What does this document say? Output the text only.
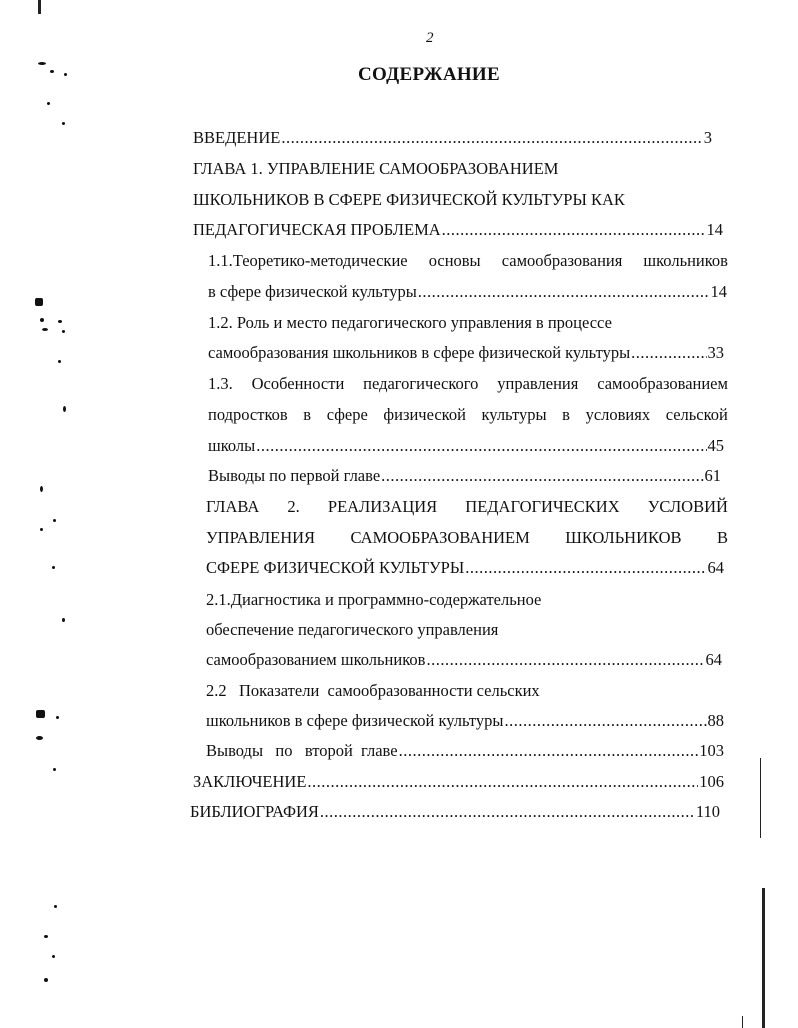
2
СОДЕРЖАНИЕ
ВВЕДЕНИЕ .....	3
ГЛАВА 1. УПРАВЛЕНИЕ САМООБРАЗОВАНИЕМ
ШКОЛЬНИКОВ В СФЕРЕ ФИЗИЧЕСКОЙ КУЛЬТУРЫ КАК
ПЕДАГОГИЧЕСКАЯ ПРОБЛЕМА .....	14
1.1.Теоретико-методические основы самообразования школьников
в сфере физической культуры .....	14
1.2. Роль и место педагогического управления в процессе
самообразования школьников в сфере физической культуры .....	33
1.3. Особенности педагогического управления самообразованием
подростков в сфере физической культуры в условиях сельской
школы .....	45
Выводы по первой главе .....	61
ГЛАВА 2. РЕАЛИЗАЦИЯ ПЕДАГОГИЧЕСКИХ УСЛОВИЙ
УПРАВЛЕНИЯ САМООБРАЗОВАНИЕМ ШКОЛЬНИКОВ В
СФЕРЕ ФИЗИЧЕСКОЙ КУЛЬТУРЫ .....	64
2.1.Диагностика и программно-содержательное
обеспечение педагогического управления
самообразованием школьников .....	64
2.2   Показатели  самообразованности сельских
школьников в сфере физической культуры .....	88
Выводы   по   второй  главе .....	103
ЗАКЛЮЧЕНИЕ .....	106
БИБЛИОГРАФИЯ .....	110
